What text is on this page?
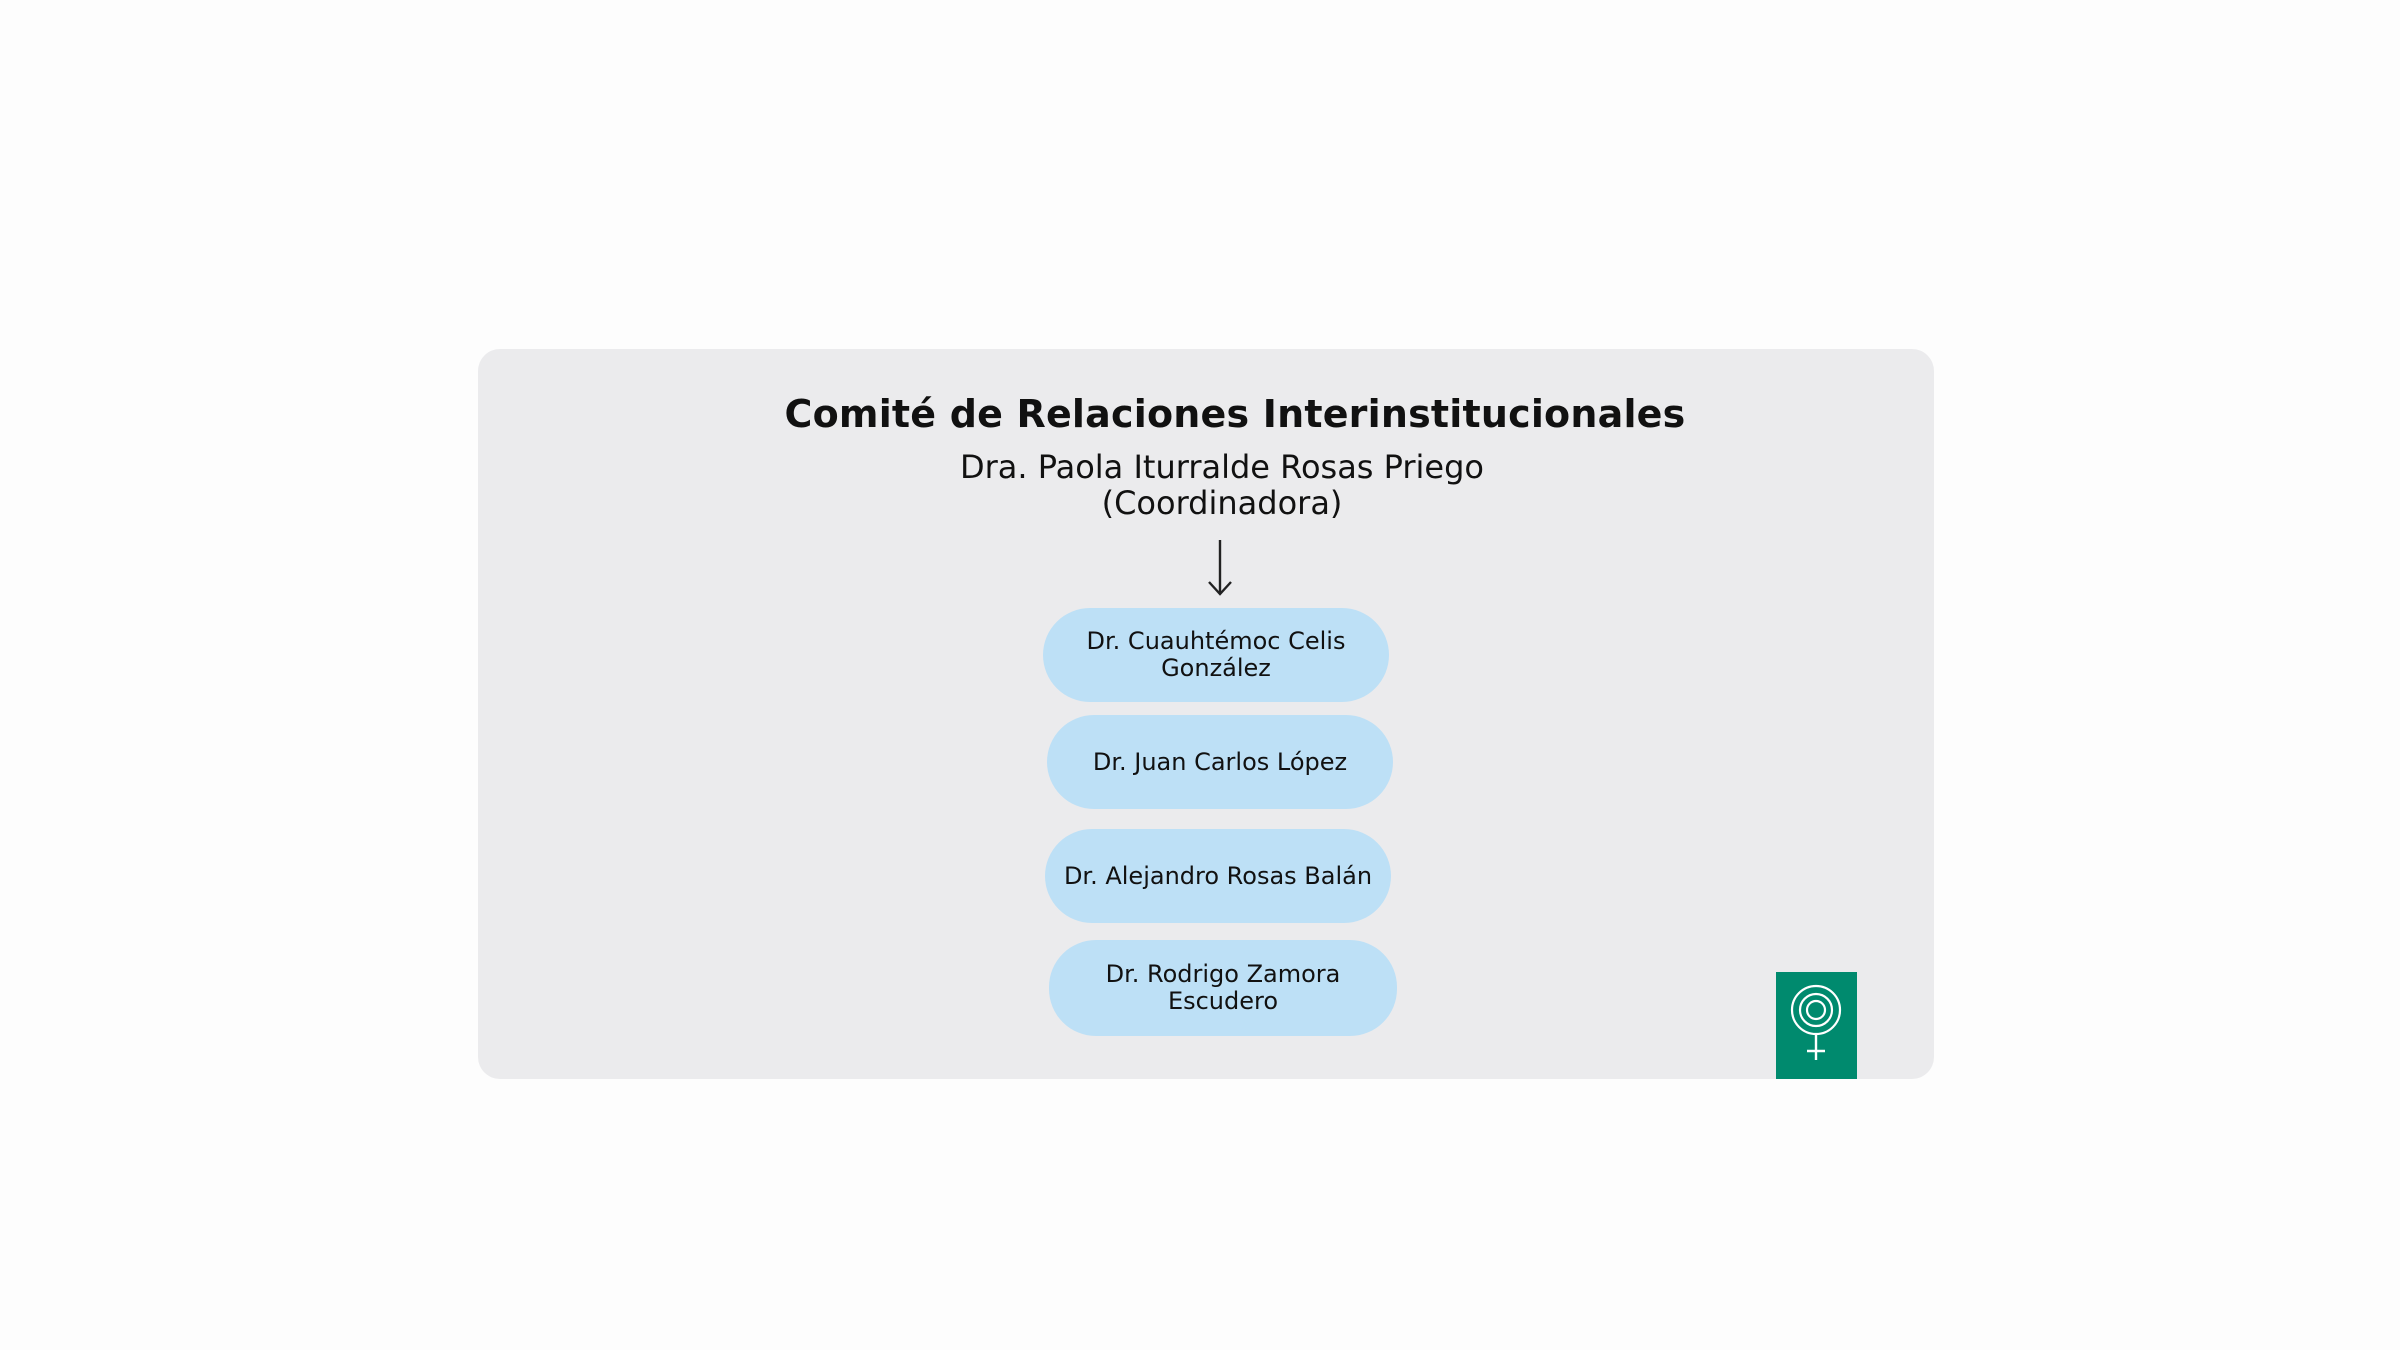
Comité de Relaciones Interinstitucionales
Dra. Paola Iturralde Rosas Priego
(Coordinadora)
Dr. Cuauhtémoc Celis
González
Dr. Juan Carlos López
Dr. Alejandro Rosas Balán
Dr. Rodrigo Zamora
Escudero
